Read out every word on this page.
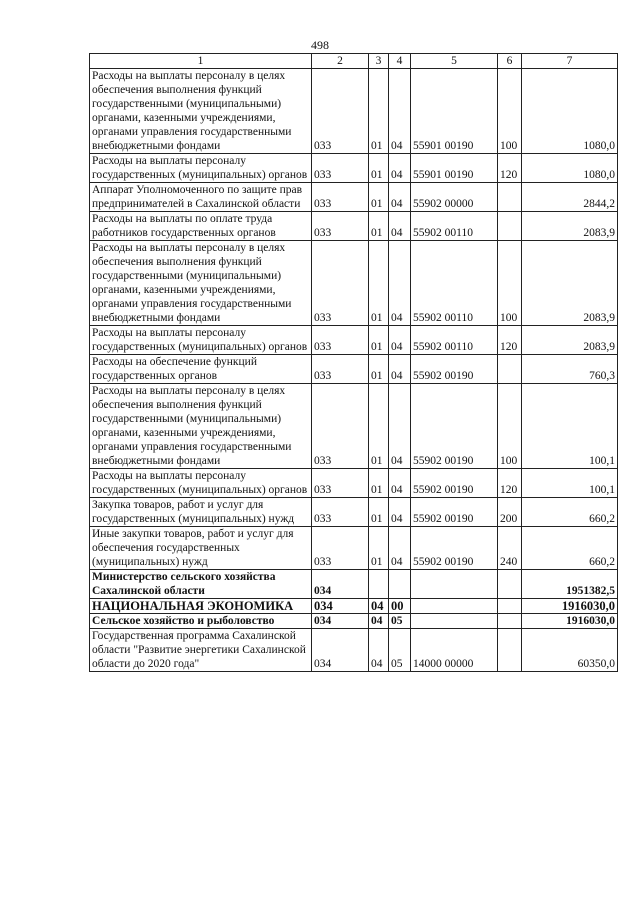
498
1	2	3	4	5	6	7
Расходы на выплаты персоналу в целях обеспечения выполнения функций государственными (муниципальными) органами, казенными учреждениями, органами управления государственными внебюджетными фондами	033	01	04	55901 00190	100	1080,0
Расходы на выплаты персоналу государственных (муниципальных) органов	033	01	04	55901 00190	120	1080,0
Аппарат Уполномоченного по защите прав предпринимателей в Сахалинской области	033	01	04	55902 00000		2844,2
Расходы на выплаты по оплате труда работников государственных органов	033	01	04	55902 00110		2083,9
Расходы на выплаты персоналу в целях обеспечения выполнения функций государственными (муниципальными) органами, казенными учреждениями, органами управления государственными внебюджетными фондами	033	01	04	55902 00110	100	2083,9
Расходы на выплаты персоналу государственных (муниципальных) органов	033	01	04	55902 00110	120	2083,9
Расходы на обеспечение функций государственных органов	033	01	04	55902 00190		760,3
Расходы на выплаты персоналу в целях обеспечения выполнения функций государственными (муниципальными) органами, казенными учреждениями, органами управления государственными внебюджетными фондами	033	01	04	55902 00190	100	100,1
Расходы на выплаты персоналу государственных (муниципальных) органов	033	01	04	55902 00190	120	100,1
Закупка товаров, работ и услуг для государственных (муниципальных) нужд	033	01	04	55902 00190	200	660,2
Иные закупки товаров, работ и услуг для обеспечения государственных (муниципальных) нужд	033	01	04	55902 00190	240	660,2
Министерство сельского хозяйства Сахалинской области	034					1951382,5
НАЦИОНАЛЬНАЯ ЭКОНОМИКА	034	04	00			1916030,0
Сельское хозяйство и рыболовство	034	04	05			1916030,0
Государственная программа Сахалинской области "Развитие энергетики Сахалинской области до 2020 года"	034	04	05	14000 00000		60350,0
